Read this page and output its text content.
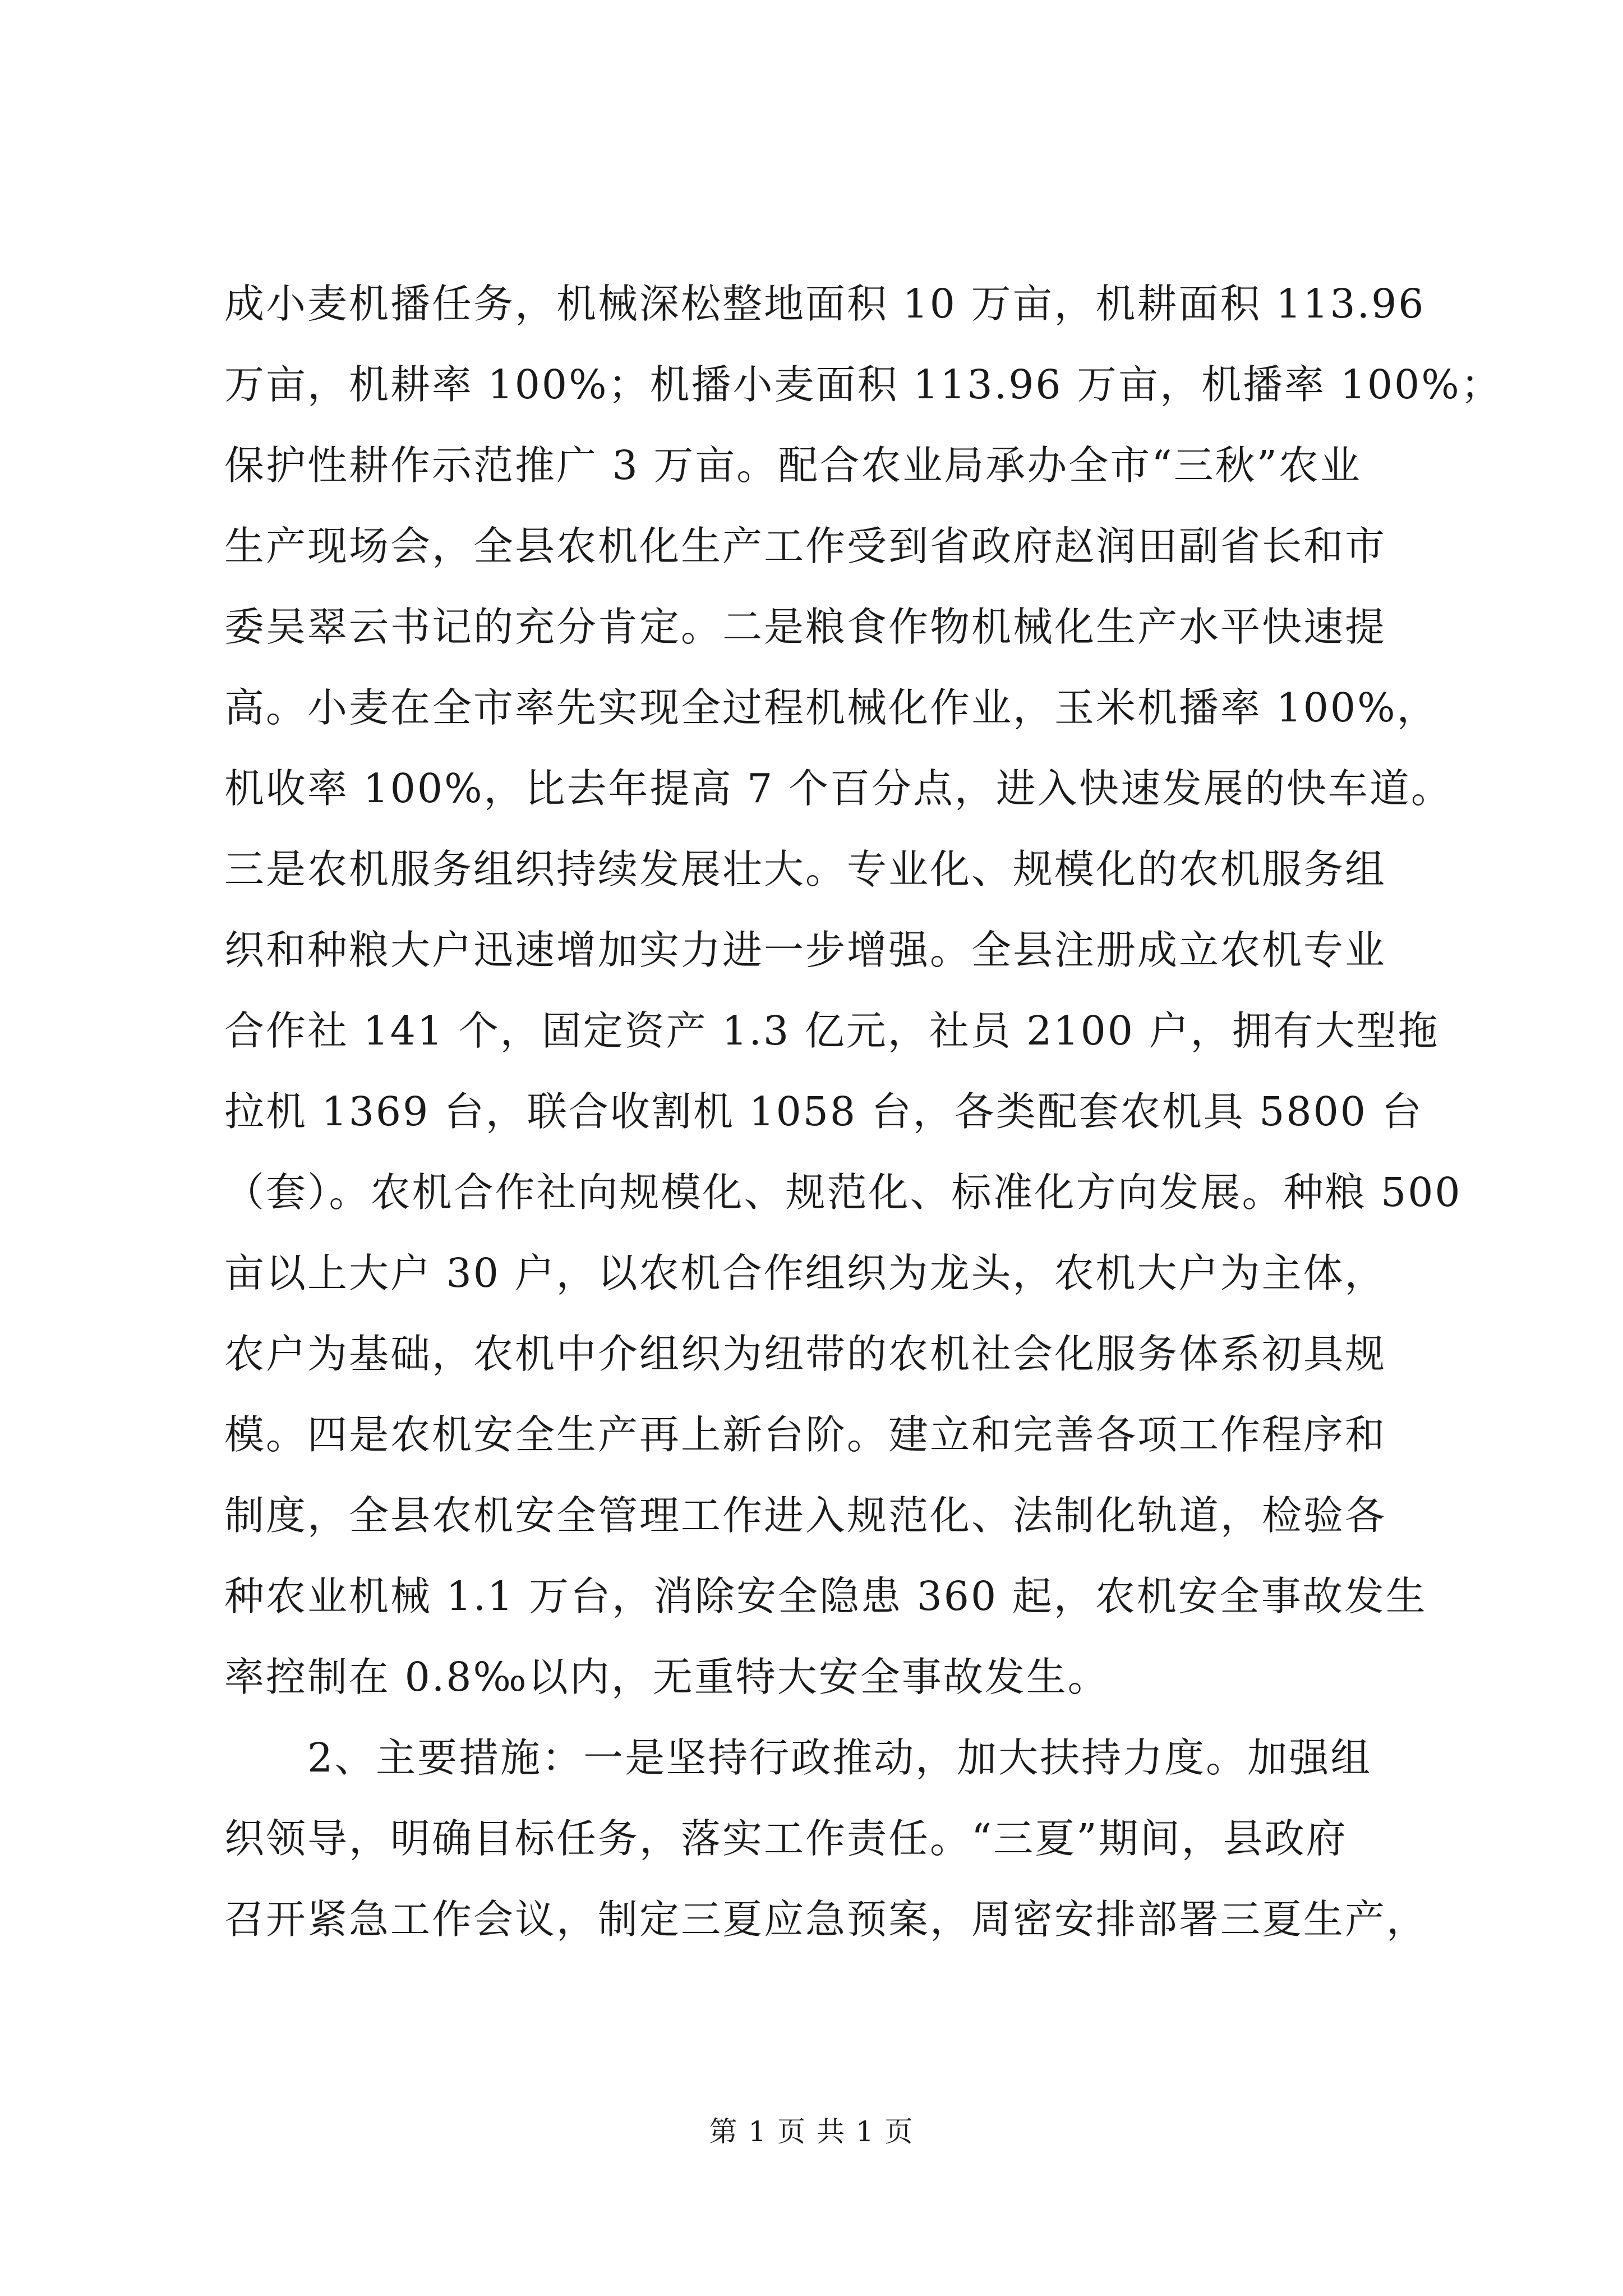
成小麦机播任务，机械深松整地面积 10 万亩，机耕面积 113.96
万亩，机耕率 100%；机播小麦面积 113.96 万亩，机播率 100%；
保护性耕作示范推广 3 万亩。配合农业局承办全市“三秋”农业
生产现场会，全县农机化生产工作受到省政府赵润田副省长和市
委吴翠云书记的充分肯定。二是粮食作物机械化生产水平快速提
高。小麦在全市率先实现全过程机械化作业，玉米机播率 100%，
机收率 100%，比去年提高 7 个百分点，进入快速发展的快车道。
三是农机服务组织持续发展壮大。专业化、规模化的农机服务组
织和种粮大户迅速增加实力进一步增强。全县注册成立农机专业
合作社 141 个，固定资产 1.3 亿元，社员 2100 户，拥有大型拖
拉机 1369 台，联合收割机 1058 台，各类配套农机具 5800 台
（套）。农机合作社向规模化、规范化、标准化方向发展。种粮 500
亩以上大户 30 户，以农机合作组织为龙头，农机大户为主体，
农户为基础，农机中介组织为纽带的农机社会化服务体系初具规
模。四是农机安全生产再上新台阶。建立和完善各项工作程序和
制度，全县农机安全管理工作进入规范化、法制化轨道，检验各
种农业机械 1.1 万台，消除安全隐患 360 起，农机安全事故发生
率控制在 0.8‰以内，无重特大安全事故发生。
　　2、主要措施：一是坚持行政推动，加大扶持力度。加强组
织领导，明确目标任务，落实工作责任。“三夏”期间，县政府
召开紧急工作会议，制定三夏应急预案，周密安排部署三夏生产，
第 1 页 共 1 页
